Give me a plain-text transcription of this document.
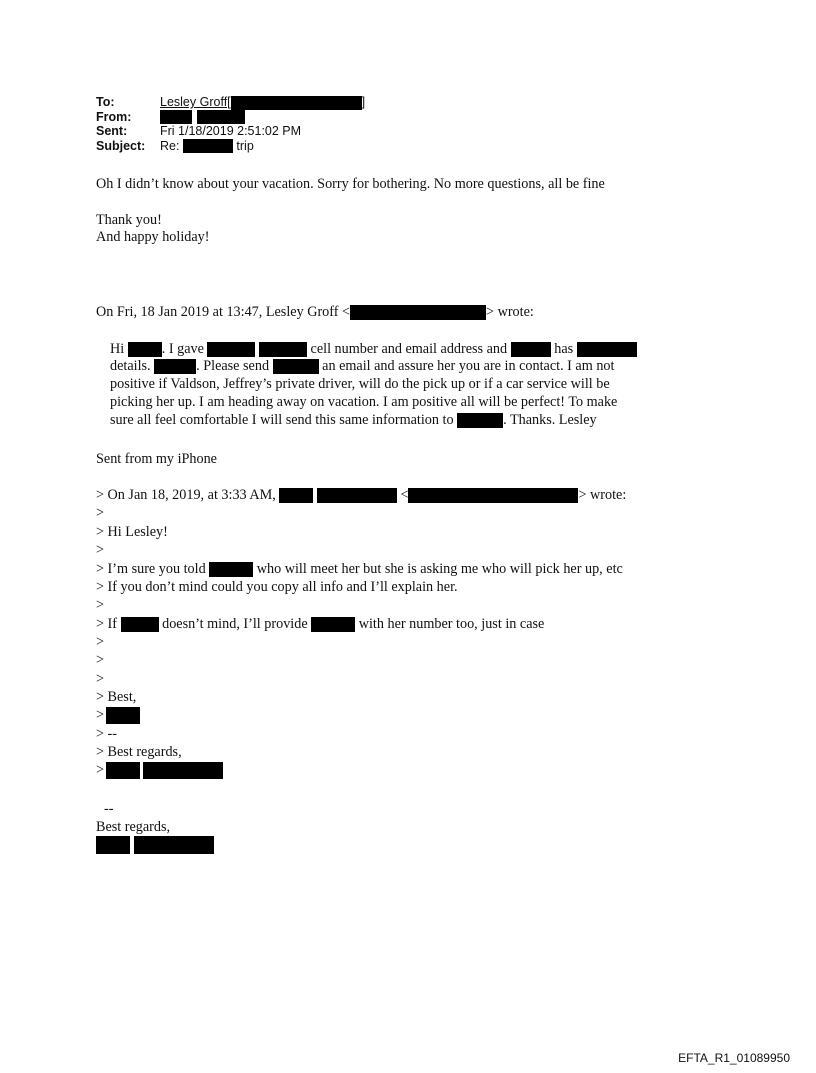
To:	Lesley Groff[	]
From:

Sent:	Fri 1/18/2019 2:51:02 PM
Subject: Re:	trip
Oh I didn’t know about your vacation. Sorry for bothering. No more questions, all be fine
Thank you!
And happy holiday!
On Fri, 18 Jan 2019 at 13:47, Lesley Groff <	> wrote:
Hi	. I gave	cell number and email address and	has
details.	. Please send	an email and assure her you are in contact. I am not
positive if Valdson, Jeffrey’s private driver, will do the pick up or if a car service will be
picking her up. I am heading away on vacation. I am positive all will be perfect! To make
sure all feel comfortable I will send this same information to	. Thanks. Lesley
Sent from my iPhone
> On Jan 18, 2019, at 3:33 AM,	<	> wrote:
>
> Hi Lesley!
>
> I’m sure you told	who will meet her but she is asking me who will pick her up, etc
> If you don’t mind could you copy all info and I’ll explain her.
>
> If	doesn’t mind, I’ll provide	with her number too, just in case
>
>
>
> Best,
>
> --
> Best regards,
>
--
Best regards,

EFTA_R1_01089950
